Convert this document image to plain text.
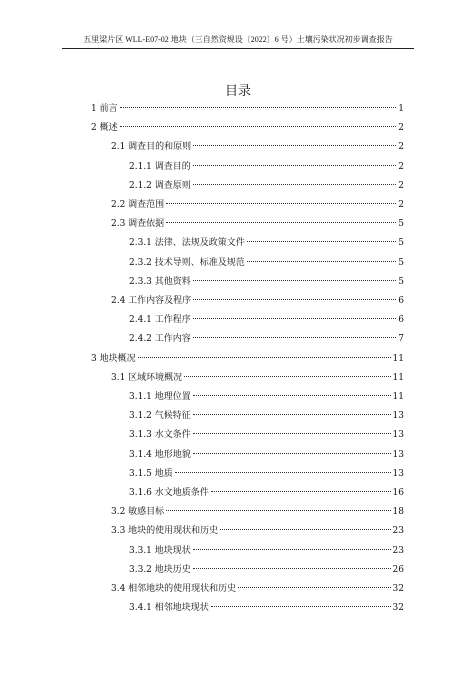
五里梁片区 WLL-E07-02 地块（三自然资规设〔2022〕6 号）土壤污染状况初步调查报告
目录
1 前言	1
2 概述	2
2.1 调查目的和原则	2
2.1.1 调查目的	2
2.1.2 调查原则	2
2.2 调查范围	2
2.3 调查依据	5
2.3.1 法律、法规及政策文件	5
2.3.2 技术导则、标准及规范	5
2.3.3 其他资料	5
2.4 工作内容及程序	6
2.4.1 工作程序	6
2.4.2 工作内容	7
3 地块概况	11
3.1 区域环境概况	11
3.1.1 地理位置	11
3.1.2 气候特征	13
3.1.3 水文条件	13
3.1.4 地形地貌	13
3.1.5 地质	13
3.1.6 水文地质条件	16
3.2 敏感目标	18
3.3 地块的使用现状和历史	23
3.3.1 地块现状	23
3.3.2 地块历史	26
3.4 相邻地块的使用现状和历史	32
3.4.1 相邻地块现状	32
